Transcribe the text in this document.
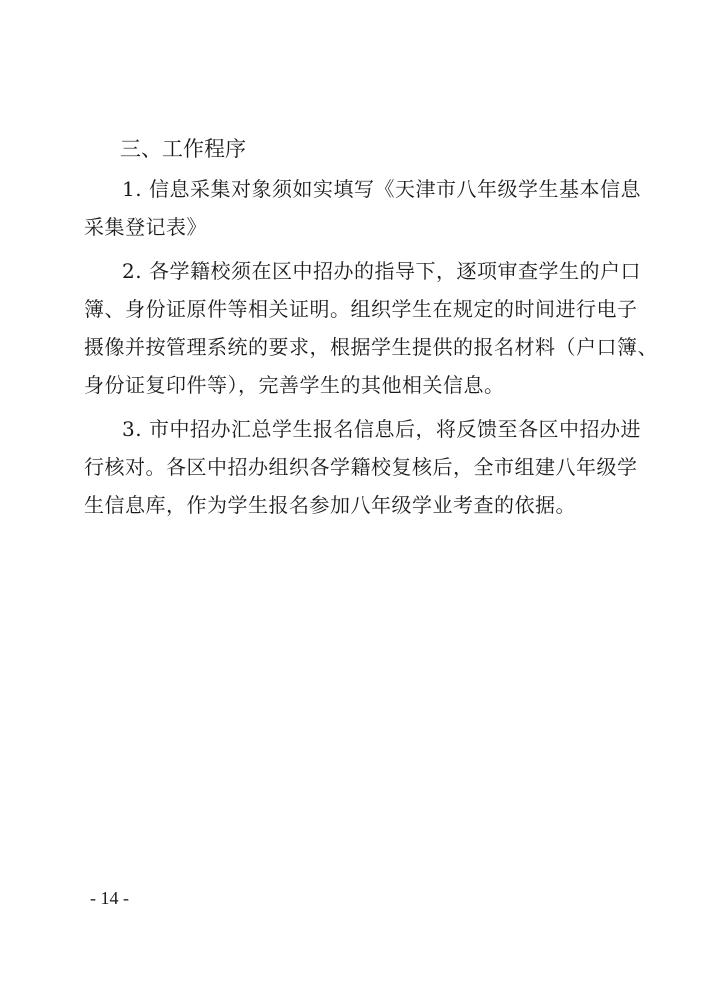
三、工作程序

1. 信息采集对象须如实填写《天津市八年级学生基本信息
采集登记表》

2. 各学籍校须在区中招办的指导下，逐项审查学生的户口
簿、身份证原件等相关证明。组织学生在规定的时间进行电子
摄像并按管理系统的要求，根据学生提供的报名材料（户口簿、
身份证复印件等），完善学生的其他相关信息。

3. 市中招办汇总学生报名信息后，将反馈至各区中招办进
行核对。各区中招办组织各学籍校复核后，全市组建八年级学
生信息库，作为学生报名参加八年级学业考查的依据。

- 14 -
